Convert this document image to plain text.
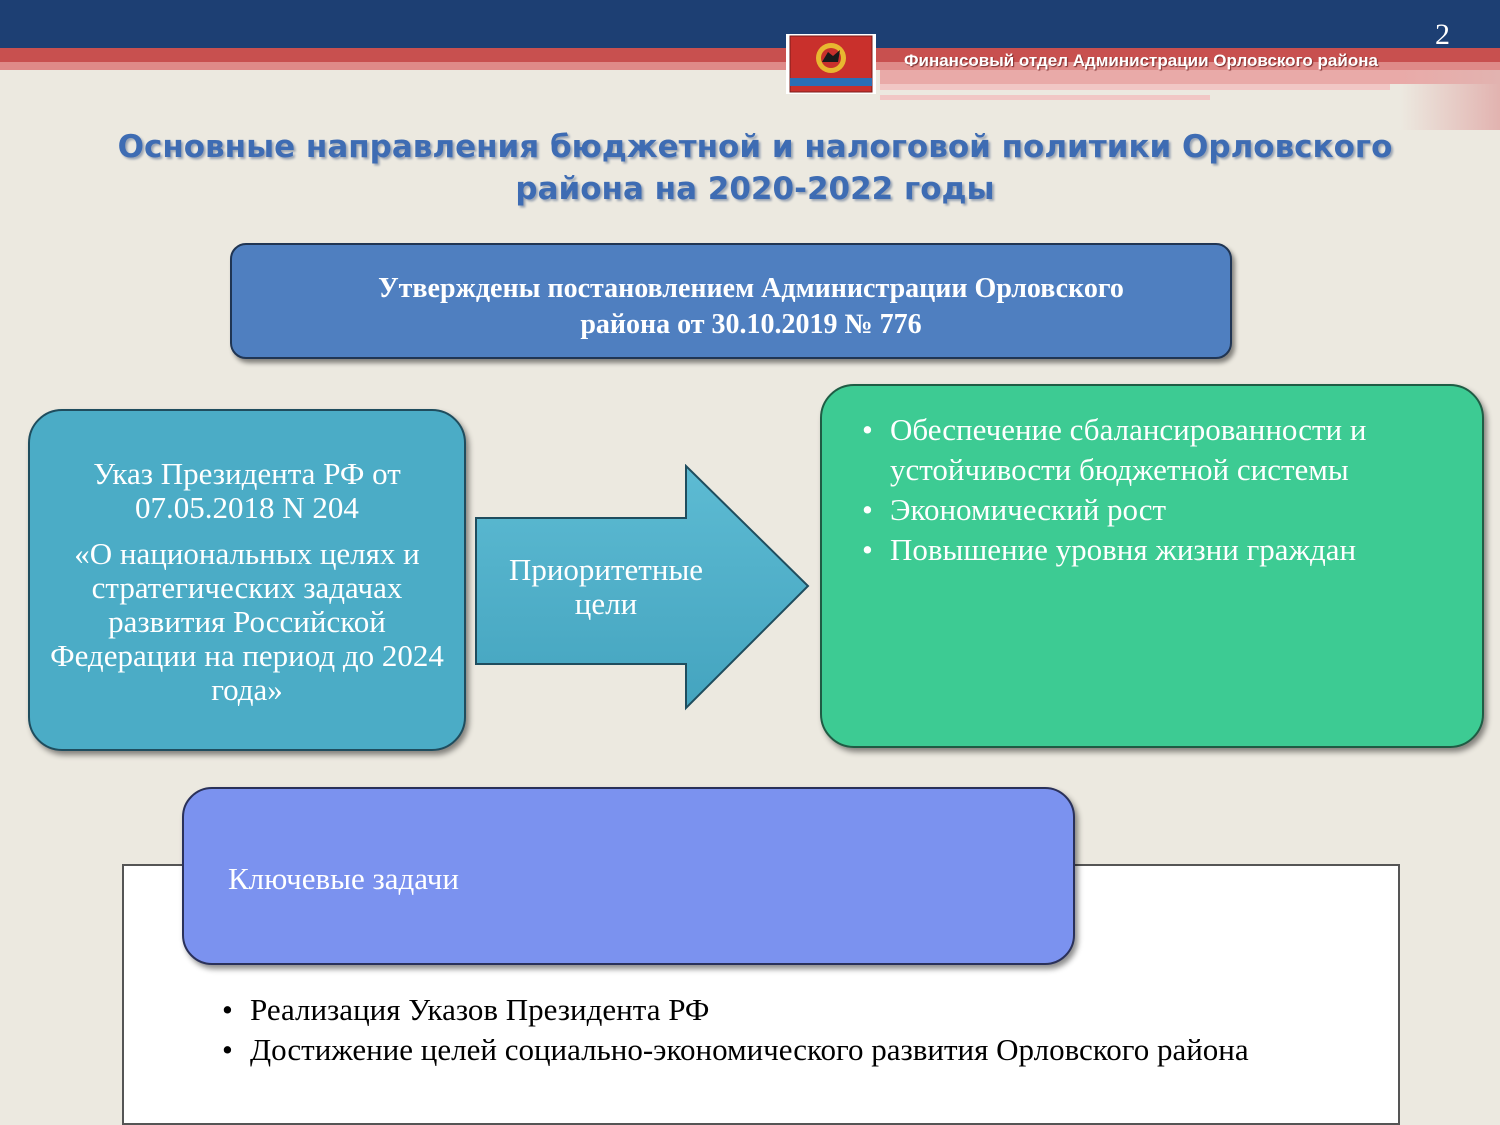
2
Финансовый отдел Администрации Орловского района
Основные направления бюджетной и налоговой политики Орловского
района на 2020-2022 годы
Утверждены постановлением Администрации Орловского
района от 30.10.2019 № 776

Указ Президента РФ от
07.05.2018 N 204

«О национальных целях и стратегических задачах развития Российской Федерации на период до 2024 года»

Приоритетные
цели
• Обеспечение сбалансированности и устойчивости бюджетной системы
• Экономический рост
• Повышение уровня жизни граждан
Ключевые задачи
• Реализация Указов Президента РФ
• Достижение целей социально-экономического развития Орловского района
